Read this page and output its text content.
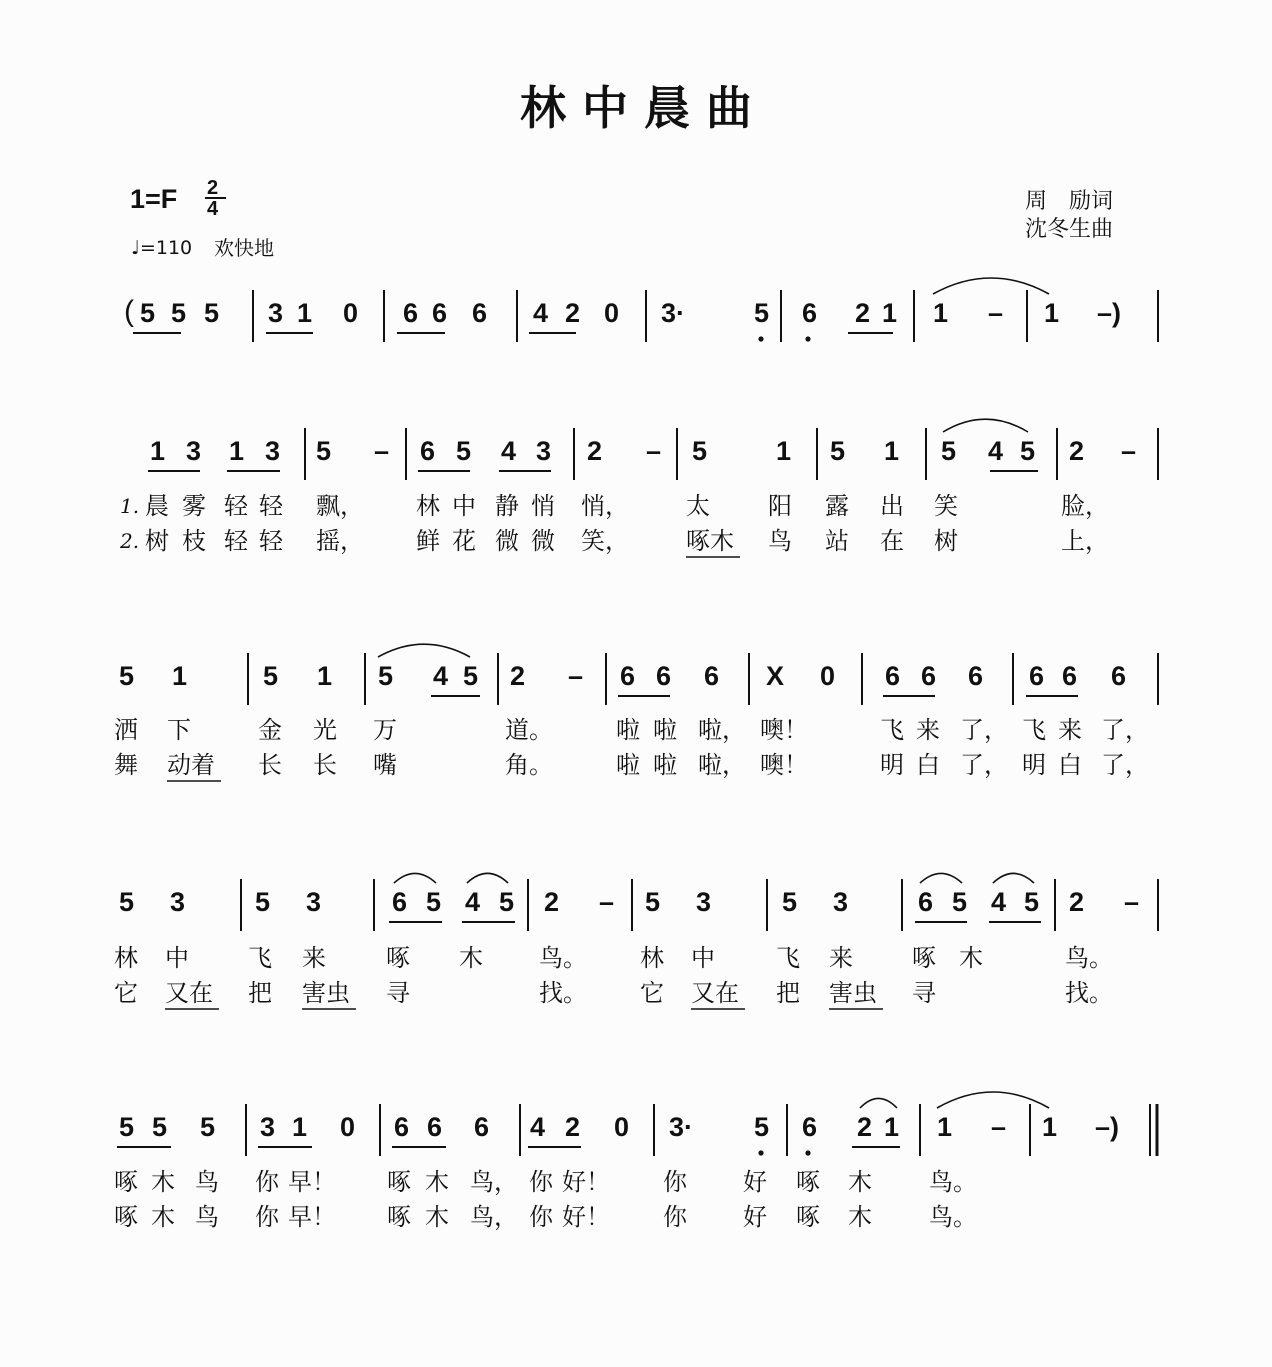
林 中 晨 曲
1=F 2
4
♩=110 欢快地
周　励词
沈冬生曲
( 5 5 5 3 1 0 6 6 6 4 2 0 3·	5 6 2 1 1 – 1 –)
1 3 1 3 5 – 6 5 4 3 2 – 5	1 5 1 5 4 5 2 –
1. 晨 雾 轻 轻 飘， 林 中 静 悄 悄， 太 阳 露 出 笑	脸，
2. 树 枝 轻 轻 摇， 鲜 花 微 微 笑， 啄木 鸟 站 在 树	上，
5 1	5 1 5 4 5 2 – 6 6 6 X 0 6 6 6 6 6 6
洒 下	金 光 万	道。	啦 啦 啦， 噢！	飞 来 了， 飞 来 了，
舞 动着 长 长 嘴	角。	啦 啦 啦， 噢！	明 白 了， 明 白 了，
5 3	5 3	6 5 4 5 2 – 5 3	5 3	6 5 4 5 2 –
林 中 飞 来	啄 木 鸟。 林 中	飞 来 啄 木	鸟。
它 又在 把 害虫 寻	找。 它 又在 把 害虫 寻	找。
5 5 5 3 1 0 6 6 6 4 2 0 3· 5 6 2 1 1 – 1 –)
啄 木 鸟 你 早！ 啄 木 鸟， 你 好！ 你 好 啄 木 鸟。
啄 木 鸟 你 早！ 啄 木 鸟， 你 好！ 你 好 啄 木 鸟。
